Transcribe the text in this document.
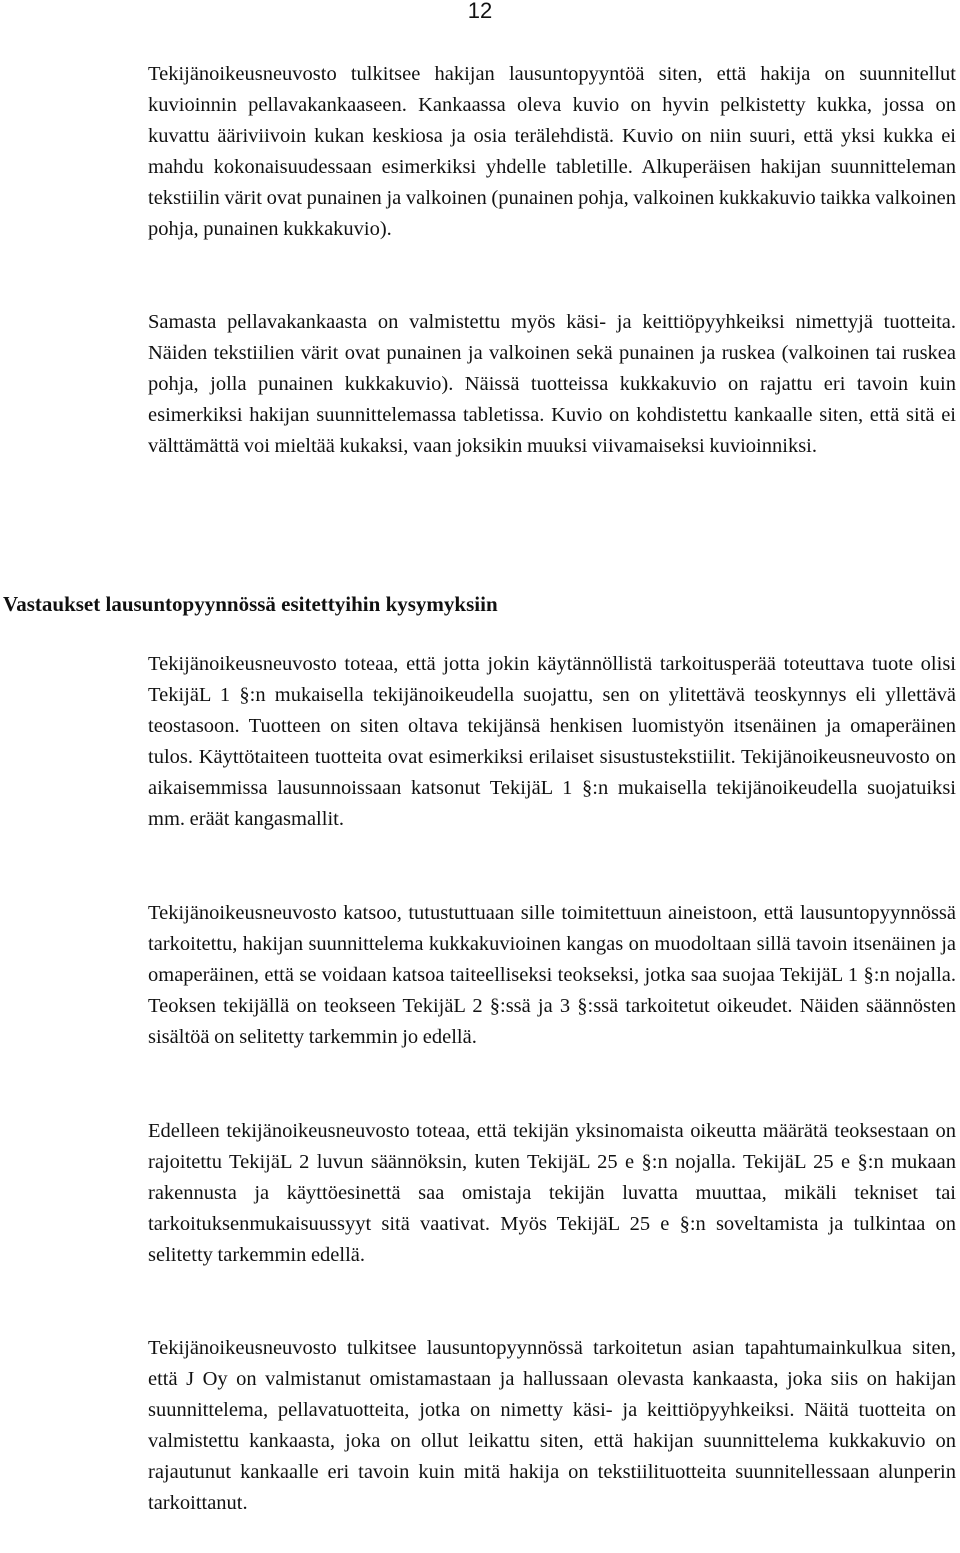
12

Tekijänoikeusneuvosto tulkitsee hakijan lausuntopyyntöä siten, että hakija on suunnitellut kuvioinnin pellavakankaaseen. Kankaassa oleva kuvio on hyvin pelkistetty kukka, jossa on kuvattu ääriviivoin kukan keskiosa ja osia terälehdistä. Kuvio on niin suuri, että yksi kukka ei mahdu kokonaisuudessaan esimerkiksi yhdelle tabletille. Alkuperäisen hakijan suunnitteleman tekstiilin värit ovat punainen ja valkoinen (punainen pohja, valkoinen kukkakuvio taikka valkoinen pohja, punainen kukkakuvio).

Samasta pellavakankaasta on valmistettu myös käsi- ja keittiöpyyhkeiksi nimettyjä tuotteita. Näiden tekstiilien värit ovat punainen ja valkoinen sekä punainen ja ruskea (valkoinen tai ruskea pohja, jolla punainen kukkakuvio). Näissä tuotteissa kukkakuvio on rajattu eri tavoin kuin esimerkiksi hakijan suunnittelemassa tabletissa. Kuvio on kohdistettu kankaalle siten, että sitä ei välttämättä voi mieltää kukaksi, vaan joksikin muuksi viivamaiseksi kuvioinniksi.

Vastaukset lausuntopyynnössä esitettyihin kysymyksiin

Tekijänoikeusneuvosto toteaa, että jotta jokin käytännöllistä tarkoitusperää toteuttava tuote olisi TekijäL 1 §:n mukaisella tekijänoikeudella suojattu, sen on ylitettävä teoskynnys eli yllettävä teostasoon. Tuotteen on siten oltava tekijänsä henkisen luomistyön itsenäinen ja omaperäinen tulos. Käyttötaiteen tuotteita ovat esimerkiksi erilaiset sisustustekstiilit. Tekijänoikeusneuvosto on aikaisemmissa lausunnoissaan katsonut TekijäL 1 §:n mukaisella tekijänoikeudella suojatuiksi mm. eräät kangasmallit.

Tekijänoikeusneuvosto katsoo, tutustuttuaan sille toimitettuun aineistoon, että lausuntopyynnössä tarkoitettu, hakijan suunnittelema kukkakuvioinen kangas on muodoltaan sillä tavoin itsenäinen ja omaperäinen, että se voidaan katsoa taiteelliseksi teokseksi, jotka saa suojaa TekijäL 1 §:n nojalla. Teoksen tekijällä on teokseen TekijäL 2 §:ssä ja 3 §:ssä tarkoitetut oikeudet. Näiden säännösten sisältöä on selitetty tarkemmin jo edellä.

Edelleen tekijänoikeusneuvosto toteaa, että tekijän yksinomaista oikeutta määrätä teoksestaan on rajoitettu TekijäL 2 luvun säännöksin, kuten TekijäL 25 e §:n nojalla. TekijäL 25 e §:n mukaan rakennusta ja käyttöesinettä saa omistaja tekijän luvatta muuttaa, mikäli tekniset tai tarkoituksenmukaisuussyyt sitä vaativat. Myös TekijäL 25 e §:n soveltamista ja tulkintaa on selitetty tarkemmin edellä.

Tekijänoikeusneuvosto tulkitsee lausuntopyynnössä tarkoitetun asian tapahtumainkulkua siten, että J Oy on valmistanut omistamastaan ja hallussaan olevasta kankaasta, joka siis on hakijan suunnittelema, pellavatuotteita, jotka on nimetty käsi- ja keittiöpyyhkeiksi. Näitä tuotteita on valmistettu kankaasta, joka on ollut leikattu siten, että hakijan suunnittelema kukkakuvio on rajautunut kankaalle eri tavoin kuin mitä hakija on tekstiilituotteita suunnitellessaan alunperin tarkoittanut.
